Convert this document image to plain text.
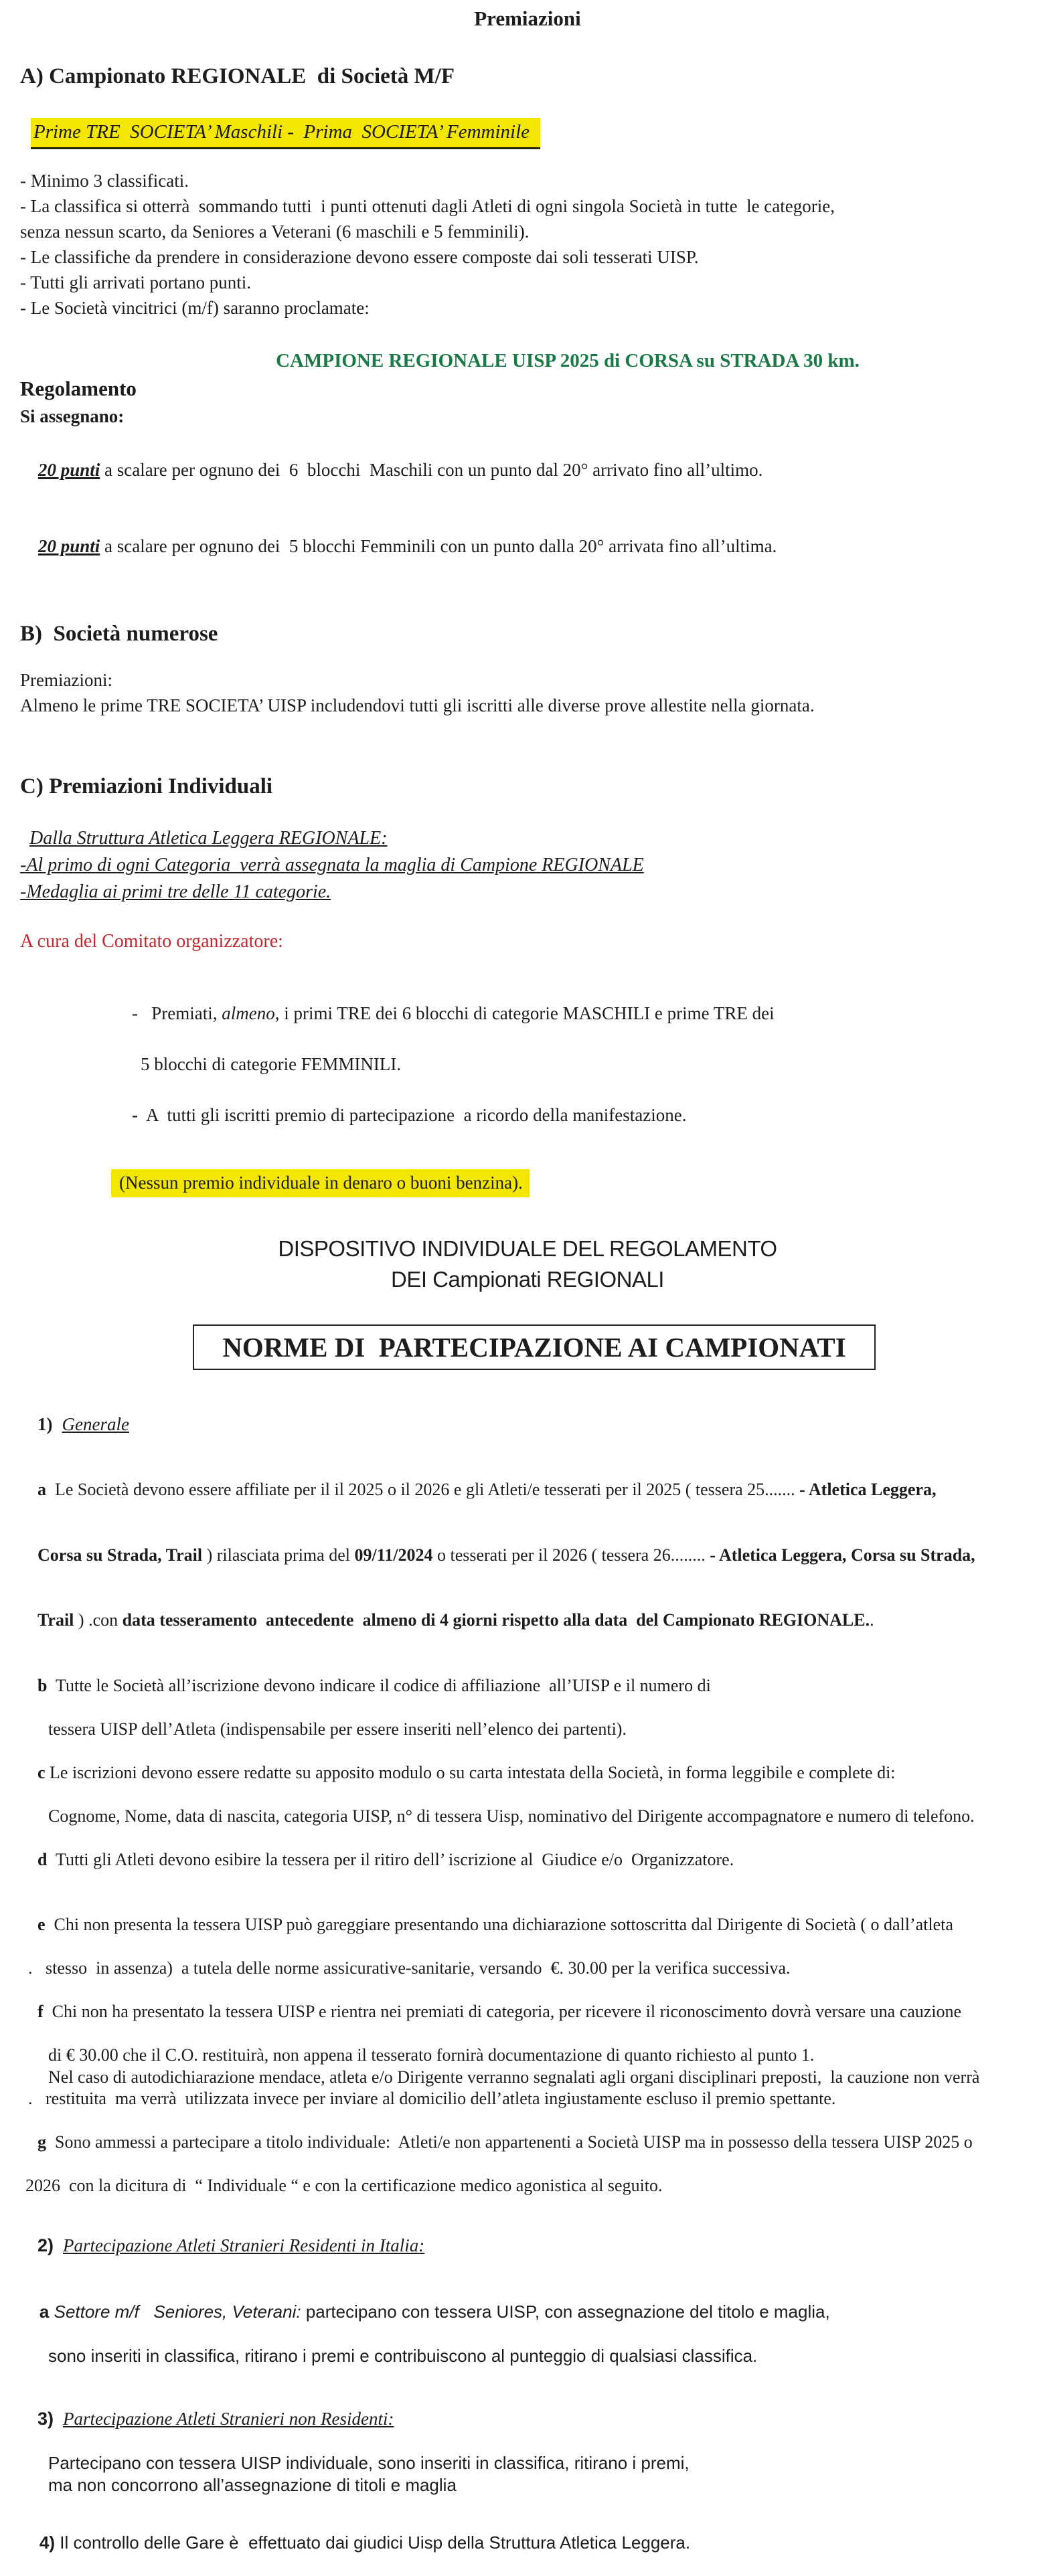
Premiazioni
A) Campionato REGIONALE  di Società M/F

Prime TRE  SOCIETA’ Maschili -  Prima  SOCIETA’ Femminile

- Minimo 3 classificati.
- La classifica si otterrà  sommando tutti  i punti ottenuti dagli Atleti di ogni singola Società in tutte  le categorie,
senza nessun scarto, da Seniores a Veterani (6 maschili e 5 femminili).
- Le classifiche da prendere in considerazione devono essere composte dai soli tesserati UISP.
- Tutti gli arrivati portano punti.
- Le Società vincitrici (m/f) saranno proclamate:
CAMPIONE REGIONALE UISP 2025 di CORSA su STRADA 30 km.
Regolamento
Si assegnano:

20 punti a scalare per ognuno dei  6  blocchi  Maschili con un punto dal 20° arrivato fino all’ultimo.

20 punti a scalare per ognuno dei  5 blocchi Femminili con un punto dalla 20° arrivata fino all’ultima.

B)  Società numerose
Premiazioni:
Almeno le prime TRE SOCIETA’ UISP includendovi tutti gli iscritti alle diverse prove allestite nella giornata.
C) Premiazioni Individuali
Dalla Struttura Atletica Leggera REGIONALE:
-Al primo di ogni Categoria  verrà assegnata la maglia di Campione REGIONALE
-Medaglia ai primi tre delle 11 categorie.
A cura del Comitato organizzatore:

-   Premiati, almeno, i primi TRE dei 6 blocchi di categorie MASCHILI e prime TRE dei

5 blocchi di categorie FEMMINILI.

-  A  tutti gli iscritti premio di partecipazione  a ricordo della manifestazione.

(Nessun premio individuale in denaro o buoni benzina).

DISPOSITIVO INDIVIDUALE DEL REGOLAMENTO
DEI Campionati REGIONALI
NORME DI  PARTECIPAZIONE AI CAMPIONATI

1) Generale

a  Le Società devono essere affiliate per il il 2025 o il 2026 e gli Atleti/e tesserati per il 2025 ( tessera 25....... - Atletica Leggera,

Corsa su Strada, Trail ) rilasciata prima del 09/11/2024 o tesserati per il 2026 ( tessera 26........ - Atletica Leggera, Corsa su Strada,

Trail ) .con data tesseramento  antecedente  almeno di 4 giorni rispetto alla data  del Campionato REGIONALE..

b  Tutte le Società all’iscrizione devono indicare il codice di affiliazione  all’UISP e il numero di

tessera UISP dell’Atleta (indispensabile per essere inseriti nell’elenco dei partenti).

c Le iscrizioni devono essere redatte su apposito modulo o su carta intestata della Società, in forma leggibile e complete di:

Cognome, Nome, data di nascita, categoria UISP, n° di tessera Uisp, nominativo del Dirigente accompagnatore e numero di telefono.

d  Tutti gli Atleti devono esibire la tessera per il ritiro dell’ iscrizione al  Giudice e/o  Organizzatore.

e  Chi non presenta la tessera UISP può gareggiare presentando una dichiarazione sottoscritta dal Dirigente di Società ( o dall’atleta

.   stesso  in assenza)  a tutela delle norme assicurative-sanitarie, versando  €. 30.00 per la verifica successiva.

f  Chi non ha presentato la tessera UISP e rientra nei premiati di categoria, per ricevere il riconoscimento dovrà versare una cauzione

di € 30.00 che il C.O. restituirà, non appena il tesserato fornirà documentazione di quanto richiesto al punto 1.
Nel caso di autodichiarazione mendace, atleta e/o Dirigente verranno segnalati agli organi disciplinari preposti,  la cauzione non verrà
.   restituita  ma verrà  utilizzata invece per inviare al domicilio dell’atleta ingiustamente escluso il premio spettante.

g  Sono ammessi a partecipare a titolo individuale:  Atleti/e non appartenenti a Società UISP ma in possesso della tessera UISP 2025 o

2026  con la dicitura di  “ Individuale “ e con la certificazione medico agonistica al seguito.

2) Partecipazione Atleti Stranieri Residenti in Italia:

a Settore m/f   Seniores, Veterani: partecipano con tessera UISP, con assegnazione del titolo e maglia,

sono inseriti in classifica, ritirano i premi e contribuiscono al punteggio di qualsiasi classifica.

3) Partecipazione Atleti Stranieri non Residenti:

Partecipano con tessera UISP individuale, sono inseriti in classifica, ritirano i premi,
ma non concorrono all’assegnazione di titoli e maglia

4) Il controllo delle Gare è  effettuato dai giudici Uisp della Struttura Atletica Leggera.
